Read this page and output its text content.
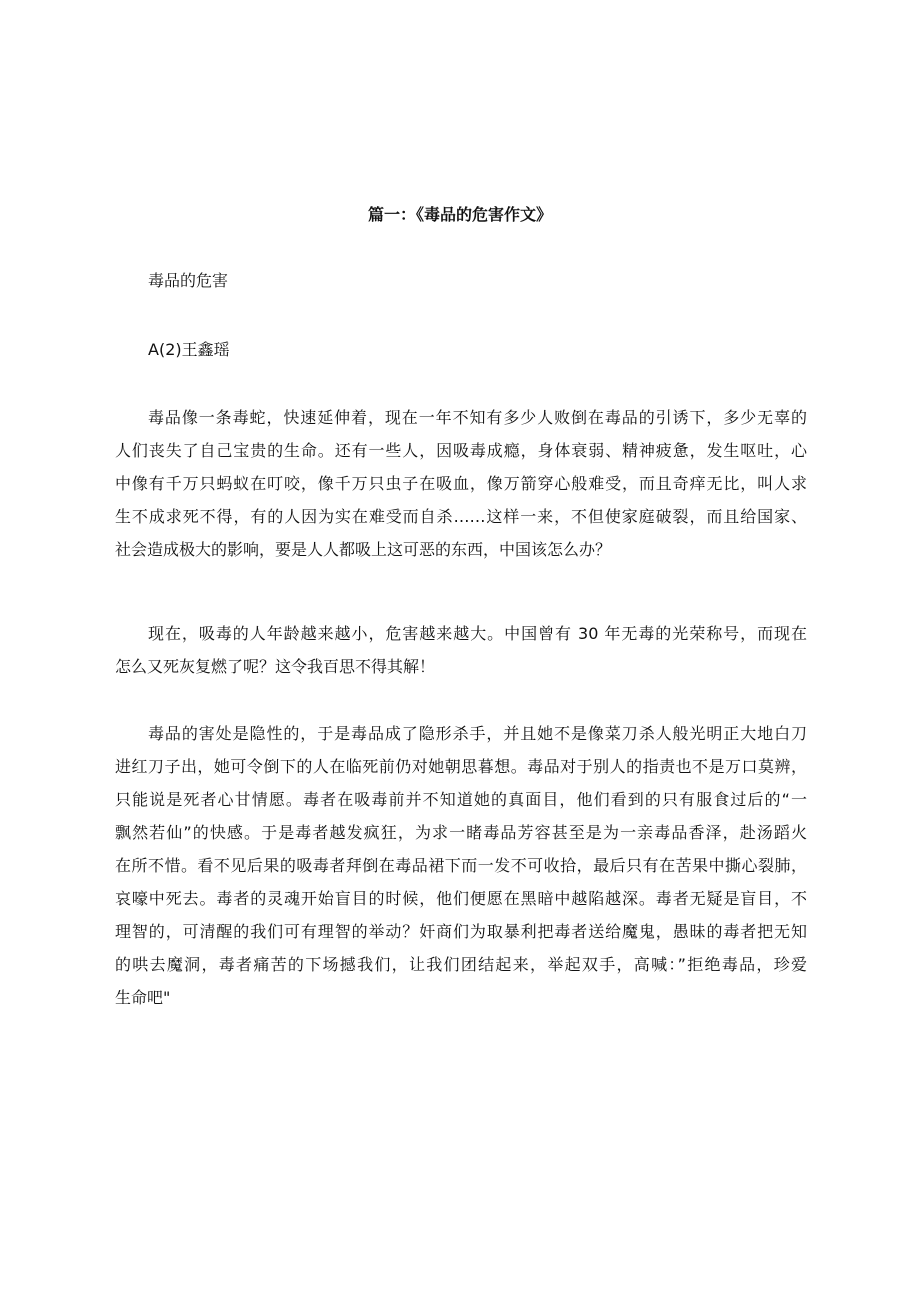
篇一：《毒品的危害作文》

毒品的危害

A(2)王鑫瑶

毒品像一条毒蛇，快速延伸着，现在一年不知有多少人败倒在毒品的引诱下，多少无辜的
人们丧失了自己宝贵的生命。还有一些人，因吸毒成瘾，身体衰弱、精神疲惫，发生呕吐，心
中像有千万只蚂蚁在叮咬，像千万只虫子在吸血，像万箭穿心般难受，而且奇痒无比，叫人求
生不成求死不得，有的人因为实在难受而自杀……这样一来，不但使家庭破裂，而且给国家、
社会造成极大的影响，要是人人都吸上这可恶的东西，中国该怎么办？
现在，吸毒的人年龄越来越小，危害越来越大。中国曾有 30 年无毒的光荣称号，而现在
怎么又死灰复燃了呢？这令我百思不得其解！
毒品的害处是隐性的，于是毒品成了隐形杀手，并且她不是像菜刀杀人般光明正大地白刀
进红刀子出，她可令倒下的人在临死前仍对她朝思暮想。毒品对于别人的指责也不是万口莫辨，
只能说是死者心甘情愿。毒者在吸毒前并不知道她的真面目，他们看到的只有服食过后的“一
飘然若仙”的快感。于是毒者越发疯狂，为求一睹毒品芳容甚至是为一亲毒品香泽，赴汤蹈火
在所不惜。看不见后果的吸毒者拜倒在毒品裙下而一发不可收拾，最后只有在苦果中撕心裂肺，
哀嚎中死去。毒者的灵魂开始盲目的时候，他们便愿在黑暗中越陷越深。毒者无疑是盲目，不
理智的，可清醒的我们可有理智的举动？奸商们为取暴利把毒者送给魔鬼，愚昧的毒者把无知
的哄去魔洞，毒者痛苦的下场撼我们，让我们团结起来，举起双手，高喊：”拒绝毒品，珍爱
生命吧"
